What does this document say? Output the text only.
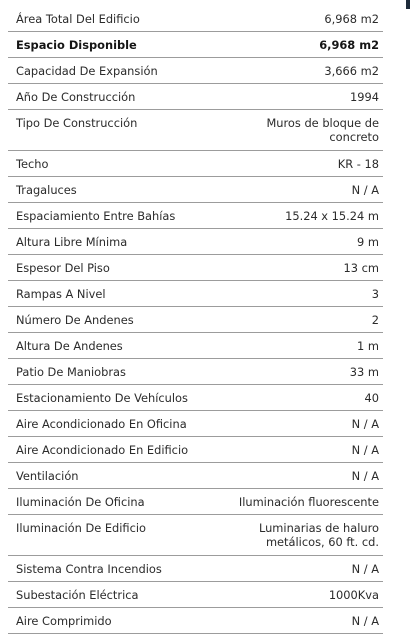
Área Total Del Edificio	6,968 m2
Espacio Disponible	6,968 m2
Capacidad De Expansión	3,666 m2
Año De Construcción	1994
Tipo De Construcción	Muros de bloque de
concreto
Techo	KR - 18
Tragaluces	N / A
Espaciamiento Entre Bahías	15.24 x 15.24 m
Altura Libre Mínima	9 m
Espesor Del Piso	13 cm
Rampas A Nivel	3
Número De Andenes	2
Altura De Andenes	1 m
Patio De Maniobras	33 m
Estacionamiento De Vehículos	40
Aire Acondicionado En Oficina	N / A
Aire Acondicionado En Edificio	N / A
Ventilación	N / A
Iluminación De Oficina	Iluminación fluorescente
Iluminación De Edificio	Luminarias de haluro
metálicos, 60 ft. cd.
Sistema Contra Incendios	N / A
Subestación Eléctrica	1000Kva
Aire Comprimido	N / A
